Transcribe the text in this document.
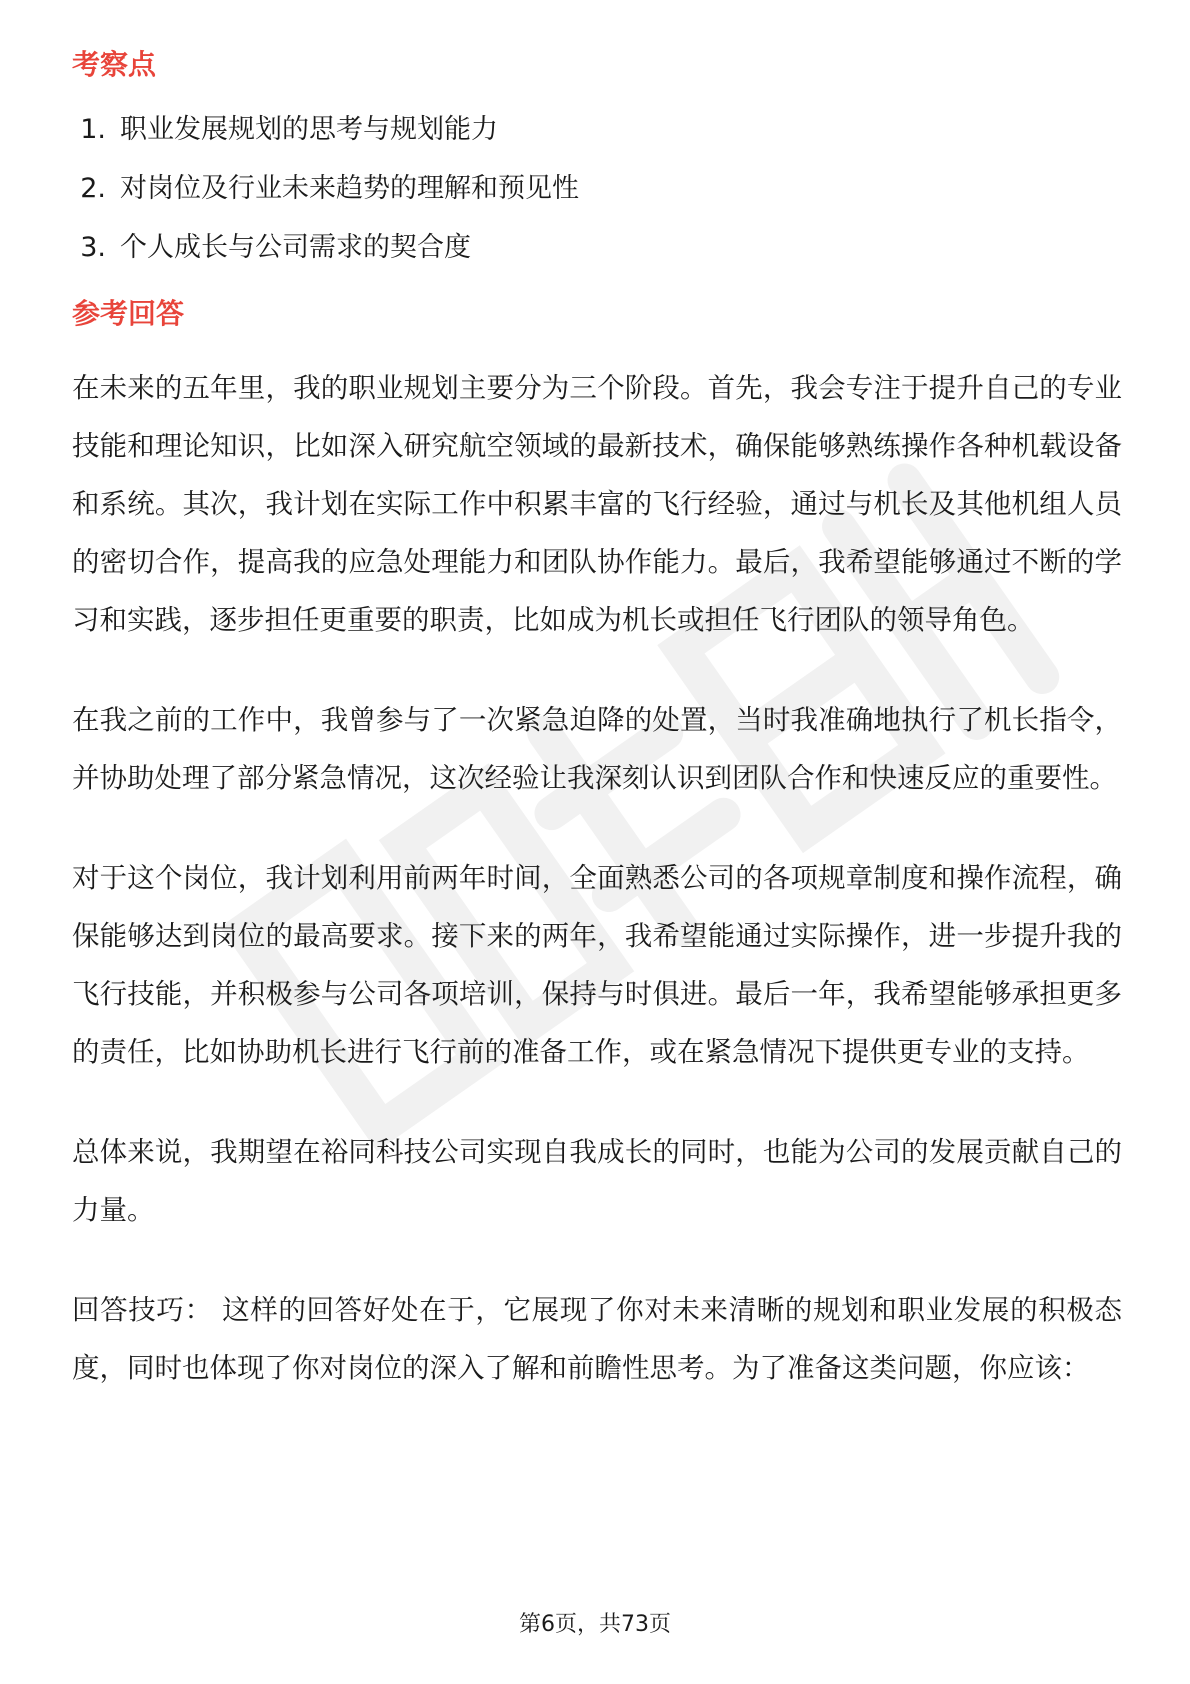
考察点
1. 职业发展规划的思考与规划能力
2. 对岗位及行业未来趋势的理解和预见性
3. 个人成长与公司需求的契合度
参考回答

在未来的五年里，我的职业规划主要分为三个阶段。首先，我会专注于提升自己的专业技能和理论知识，比如深入研究航空领域的最新技术，确保能够熟练操作各种机载设备和系统。其次，我计划在实际工作中积累丰富的飞行经验，通过与机长及其他机组人员的密切合作，提高我的应急处理能力和团队协作能力。最后，我希望能够通过不断的学习和实践，逐步担任更重要的职责，比如成为机长或担任飞行团队的领导角色。

在我之前的工作中，我曾参与了一次紧急迫降的处置，当时我准确地执行了机长指令，并协助处理了部分紧急情况，这次经验让我深刻认识到团队合作和快速反应的重要性。

对于这个岗位，我计划利用前两年时间，全面熟悉公司的各项规章制度和操作流程，确保能够达到岗位的最高要求。接下来的两年，我希望能通过实际操作，进一步提升我的飞行技能，并积极参与公司各项培训，保持与时俱进。最后一年，我希望能够承担更多的责任，比如协助机长进行飞行前的准备工作，或在紧急情况下提供更专业的支持。

总体来说，我期望在裕同科技公司实现自我成长的同时，也能为公司的发展贡献自己的力量。

回答技巧： 这样的回答好处在于，它展现了你对未来清晰的规划和职业发展的积极态度，同时也体现了你对岗位的深入了解和前瞻性思考。为了准备这类问题，你应该：

第6页，共73页
